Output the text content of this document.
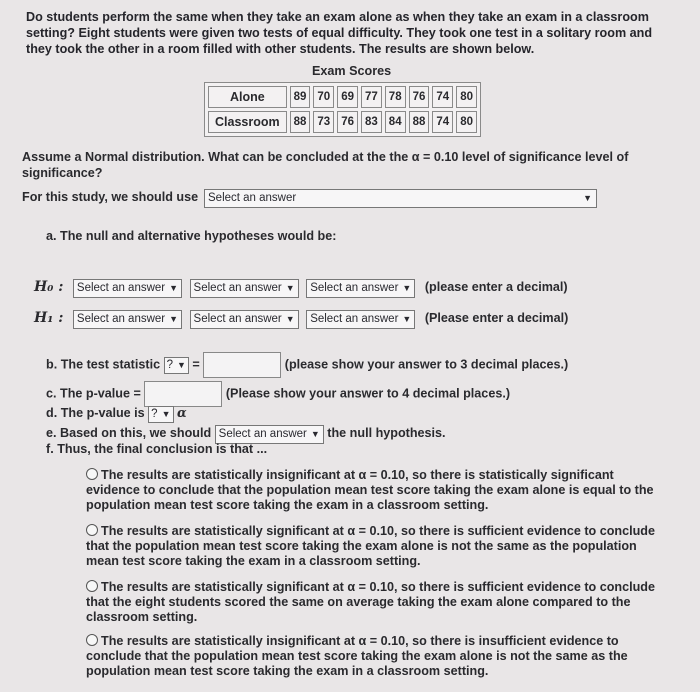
Do students perform the same when they take an exam alone as when they take an exam in a classroom setting? Eight students were given two tests of equal difficulty. They took one test in a solitary room and they took the other in a room filled with other students. The results are shown below.
Exam Scores
Alone	89	70	69	77	78	76	74	80
Classroom	88	73	76	83	84	88	74	80
Assume a Normal distribution. What can be concluded at the the α = 0.10 level of significance level of significance?
For this study, we should use Select an answer	▼
a. The null and alternative hypotheses would be:
H₀ : Select an answer ▼ Select an answer ▼ Select an answer ▼ (please enter a decimal)
H₁ : Select an answer ▼ Select an answer ▼ Select an answer ▼ (Please enter a decimal)
b. The test statistic ? ▼ =	(please show your answer to 3 decimal places.)
c. The p-value =	(Please show your answer to 4 decimal places.)
d. The p-value is ? ▼ α
e. Based on this, we should Select an answer ▼ the null hypothesis.
f. Thus, the final conclusion is that ...
The results are statistically insignificant at α = 0.10, so there is statistically significant evidence to conclude that the population mean test score taking the exam alone is equal to the population mean test score taking the exam in a classroom setting.
The results are statistically significant at α = 0.10, so there is sufficient evidence to conclude that the population mean test score taking the exam alone is not the same as the population mean test score taking the exam in a classroom setting.
The results are statistically significant at α = 0.10, so there is sufficient evidence to conclude that the eight students scored the same on average taking the exam alone compared to the classroom setting.
The results are statistically insignificant at α = 0.10, so there is insufficient evidence to conclude that the population mean test score taking the exam alone is not the same as the population mean test score taking the exam in a classroom setting.
